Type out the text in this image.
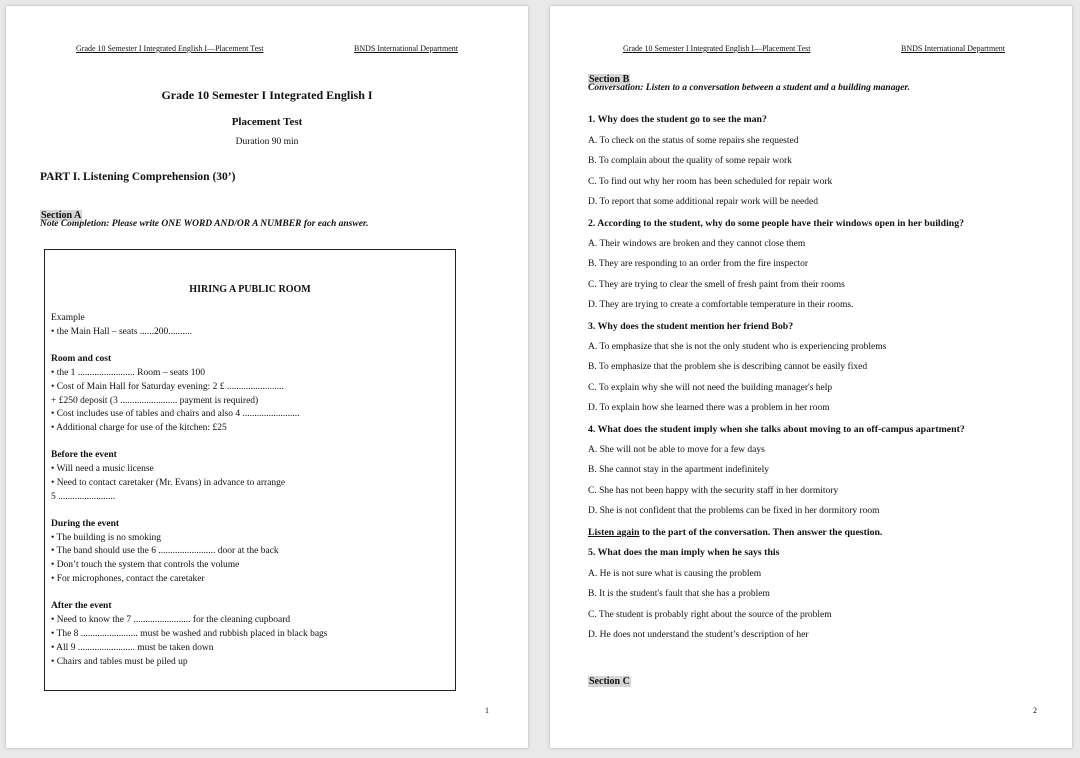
Grade 10 Semester I Integrated English I—Placement Test	BNDS International Department
.
Grade 10 Semester I Integrated English I
Placement Test
Duration 90 min
PART I. Listening Comprehension (30’)
Section A
Note Completion: Please write ONE WORD AND/OR A NUMBER for each answer.
HIRING A PUBLIC ROOM
Example
• the Main Hall – seats ......200..........
Room and cost
• the 1 ........................ Room – seats 100
• Cost of Main Hall for Saturday evening: 2 £ ........................
+ £250 deposit (3 ........................ payment is required)
• Cost includes use of tables and chairs and also 4 ........................
• Additional charge for use of the kitchen: £25
Before the event
• Will need a music license
• Need to contact caretaker (Mr. Evans) in advance to arrange
5 ........................
During the event
• The building is no smoking
• The band should use the 6 ........................ door at the back
• Don’t touch the system that controls the volume
• For microphones, contact the caretaker
After the event
• Need to know the 7 ........................ for the cleaning cupboard
• The 8 ........................ must be washed and rubbish placed in black bags
• All 9 ........................ must be taken down
• Chairs and tables must be piled up
1
Grade 10 Semester I Integrated English I—Placement Test	BNDS International Department
.
Section B
Conversation: Listen to a conversation between a student and a building manager.
1. Why does the student go to see the man?
A. To check on the status of some repairs she requested
B. To complain about the quality of some repair work
C. To find out why her room has been scheduled for repair work
D. To report that some additional repair work will be needed
2. According to the student, why do some people have their windows open in her building?
A. Their windows are broken and they cannot close them
B. They are responding to an order from the fire inspector
C. They are trying to clear the smell of fresh paint from their rooms
D. They are trying to create a comfortable temperature in their rooms.
3. Why does the student mention her friend Bob?
A. To emphasize that she is not the only student who is experiencing problems
B. To emphasize that the problem she is describing cannot be easily fixed
C. To explain why she will not need the building manager's help
D. To explain how she learned there was a problem in her room
4. What does the student imply when she talks about moving to an off-campus apartment?
A. She will not be able to move for a few days
B. She cannot stay in the apartment indefinitely
C. She has not been happy with the security staff in her dormitory
D. She is not confident that the problems can be fixed in her dormitory room
Listen again to the part of the conversation. Then answer the question.
5. What does the man imply when he says this
A. He is not sure what is causing the problem
B. It is the student's fault that she has a problem
C. The student is probably right about the source of the problem
D. He does not understand the student’s description of her
Section C
2
